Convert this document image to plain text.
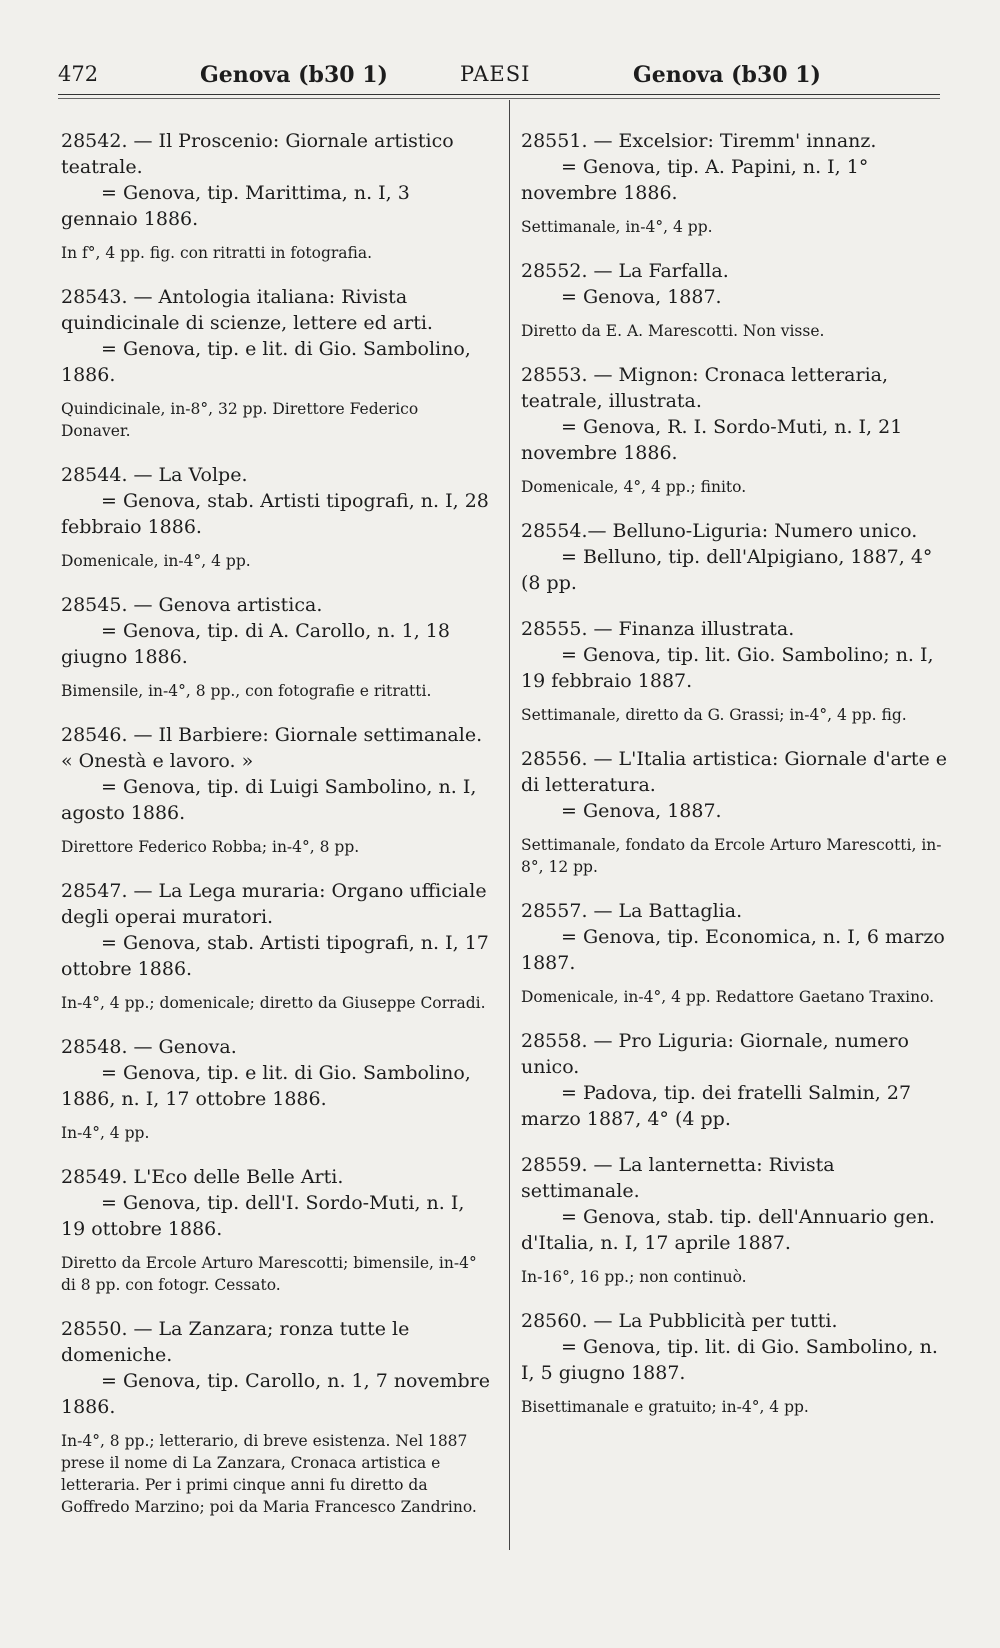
472	Genova (b30 1)	PAESI	Genova (b30 1)
28542. — Il Proscenio: Giornale artistico teatrale.
= Genova, tip. Marittima, n. I, 3 gennaio 1886.
In f°, 4 pp. fig. con ritratti in fotografia.
28543. — Antologia italiana: Rivista quindicinale di scienze, lettere ed arti.
= Genova, tip. e lit. di Gio. Sambolino, 1886.
Quindicinale, in-8°, 32 pp. Direttore Federico Donaver.
28544. — La Volpe.
= Genova, stab. Artisti tipografi, n. I, 28 febbraio 1886.
Domenicale, in-4°, 4 pp.
28545. — Genova artistica.
= Genova, tip. di A. Carollo, n. 1, 18 giugno 1886.
Bimensile, in-4°, 8 pp., con fotografie e ritratti.
28546. — Il Barbiere: Giornale settimanale. « Onestà e lavoro. »
= Genova, tip. di Luigi Sambolino, n. I, agosto 1886.
Direttore Federico Robba; in-4°, 8 pp.
28547. — La Lega muraria: Organo ufficiale degli operai muratori.
= Genova, stab. Artisti tipografi, n. I, 17 ottobre 1886.
In-4°, 4 pp.; domenicale; diretto da Giuseppe Corradi.
28548. — Genova.
= Genova, tip. e lit. di Gio. Sambolino, 1886, n. I, 17 ottobre 1886.
In-4°, 4 pp.
28549. L'Eco delle Belle Arti.
= Genova, tip. dell'I. Sordo-Muti, n. I, 19 ottobre 1886.
Diretto da Ercole Arturo Marescotti; bimensile, in-4° di 8 pp. con fotogr. Cessato.
28550. — La Zanzara; ronza tutte le domeniche.
= Genova, tip. Carollo, n. 1, 7 novembre 1886.
In-4°, 8 pp.; letterario, di breve esistenza. Nel 1887 prese il nome di La Zanzara, Cronaca artistica e letteraria. Per i primi cinque anni fu diretto da Goffredo Marzino; poi da Maria Francesco Zandrino.
28551. — Excelsior: Tiremm' innanz.
= Genova, tip. A. Papini, n. I, 1° novembre 1886.
Settimanale, in-4°, 4 pp.
28552. — La Farfalla.
= Genova, 1887.
Diretto da E. A. Marescotti. Non visse.
28553. — Mignon: Cronaca letteraria, teatrale, illustrata.
= Genova, R. I. Sordo-Muti, n. I, 21 novembre 1886.
Domenicale, 4°, 4 pp.; finito.
28554.— Belluno-Liguria: Numero unico.
= Belluno, tip. dell'Alpigiano, 1887, 4° (8 pp.
28555. — Finanza illustrata.
= Genova, tip. lit. Gio. Sambolino; n. I, 19 febbraio 1887.
Settimanale, diretto da G. Grassi; in-4°, 4 pp. fig.
28556. — L'Italia artistica: Giornale d'arte e di letteratura.
= Genova, 1887.
Settimanale, fondato da Ercole Arturo Marescotti, in-8°, 12 pp.
28557. — La Battaglia.
= Genova, tip. Economica, n. I, 6 marzo 1887.
Domenicale, in-4°, 4 pp. Redattore Gaetano Traxino.
28558. — Pro Liguria: Giornale, numero unico.
= Padova, tip. dei fratelli Salmin, 27 marzo 1887, 4° (4 pp.
28559. — La lanternetta: Rivista settimanale.
= Genova, stab. tip. dell'Annuario gen. d'Italia, n. I, 17 aprile 1887.
In-16°, 16 pp.; non continuò.
28560. — La Pubblicità per tutti.
= Genova, tip. lit. di Gio. Sambolino, n. I, 5 giugno 1887.
Bisettimanale e gratuito; in-4°, 4 pp.
